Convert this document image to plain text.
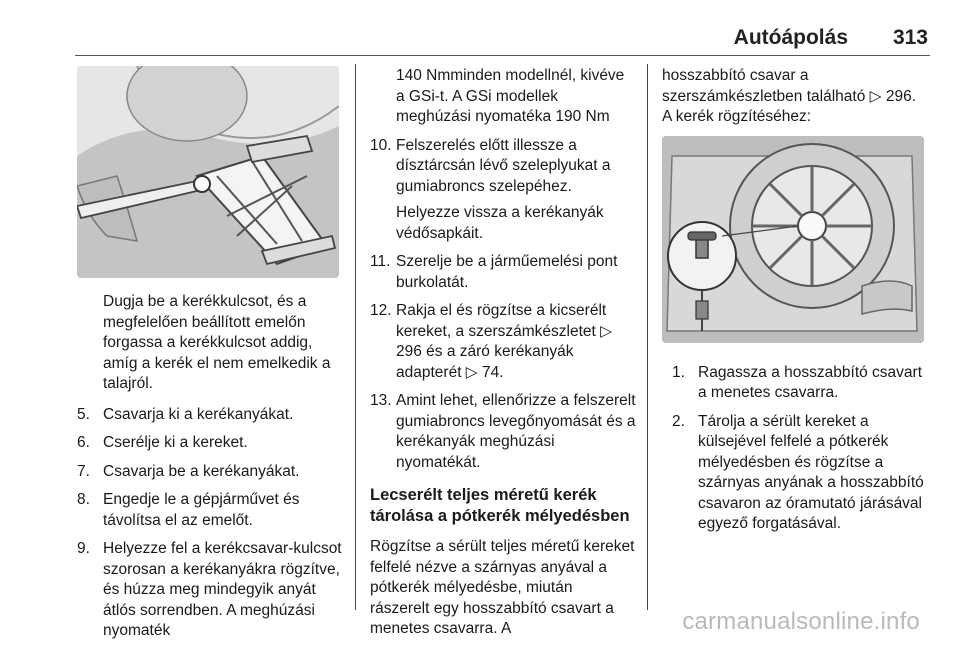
Autóápolás 313

Dugja be a kerékkulcsot, és a megfelelően beállított emelőn forgassa a kerékkulcsot addig, amíg a kerék el nem emelkedik a talajról.

5. Csavarja ki a kerékanyákat.
6. Cserélje ki a kereket.
7. Csavarja be a kerékanyákat.
8. Engedje le a gépjárművet és távolítsa el az emelőt.
9. Helyezze fel a kerékcsavar-kulcsot szorosan a kerékanyákra rögzítve, és húzza meg mindegyik anyát átlós sorrendben. A meghúzási nyomaték

140 Nmminden modellnél, kivéve a GSi-t. A GSi modellek meghúzási nyomatéka 190 Nm

10. Felszerelés előtt illessze a dísztárcsán lévő szeleplyukat a gumiabroncs szelepéhez.

Helyezze vissza a kerékanyák védősapkáit.

11. Szerelje be a járműemelési pont burkolatát.
12. Rakja el és rögzítse a kicserélt kereket, a szerszámkészletet ▷ 296 és a záró kerékanyák adapterét ▷ 74.
13. Amint lehet, ellenőrizze a felszerelt gumiabroncs levegőnyomását és a kerékanyák meghúzási nyomatékát.
Lecserélt teljes méretű kerék tárolása a pótkerék mélyedésben

Rögzítse a sérült teljes méretű kereket felfelé nézve a szárnyas anyával a pótkerék mélyedésbe, miután rászerelt egy hosszabbító csavart a menetes csavarra. A

hosszabbító csavar a szerszámkészletben található ▷ 296. A kerék rögzítéséhez:

1. Ragassza a hosszabbító csavart a menetes csavarra.
2. Tárolja a sérült kereket a külsejével felfelé a pótkerék mélyedésben és rögzítse a szárnyas anyának a hosszabbító csavaron az óramutató járásával egyező forgatásával.
carmanualsonline.info
